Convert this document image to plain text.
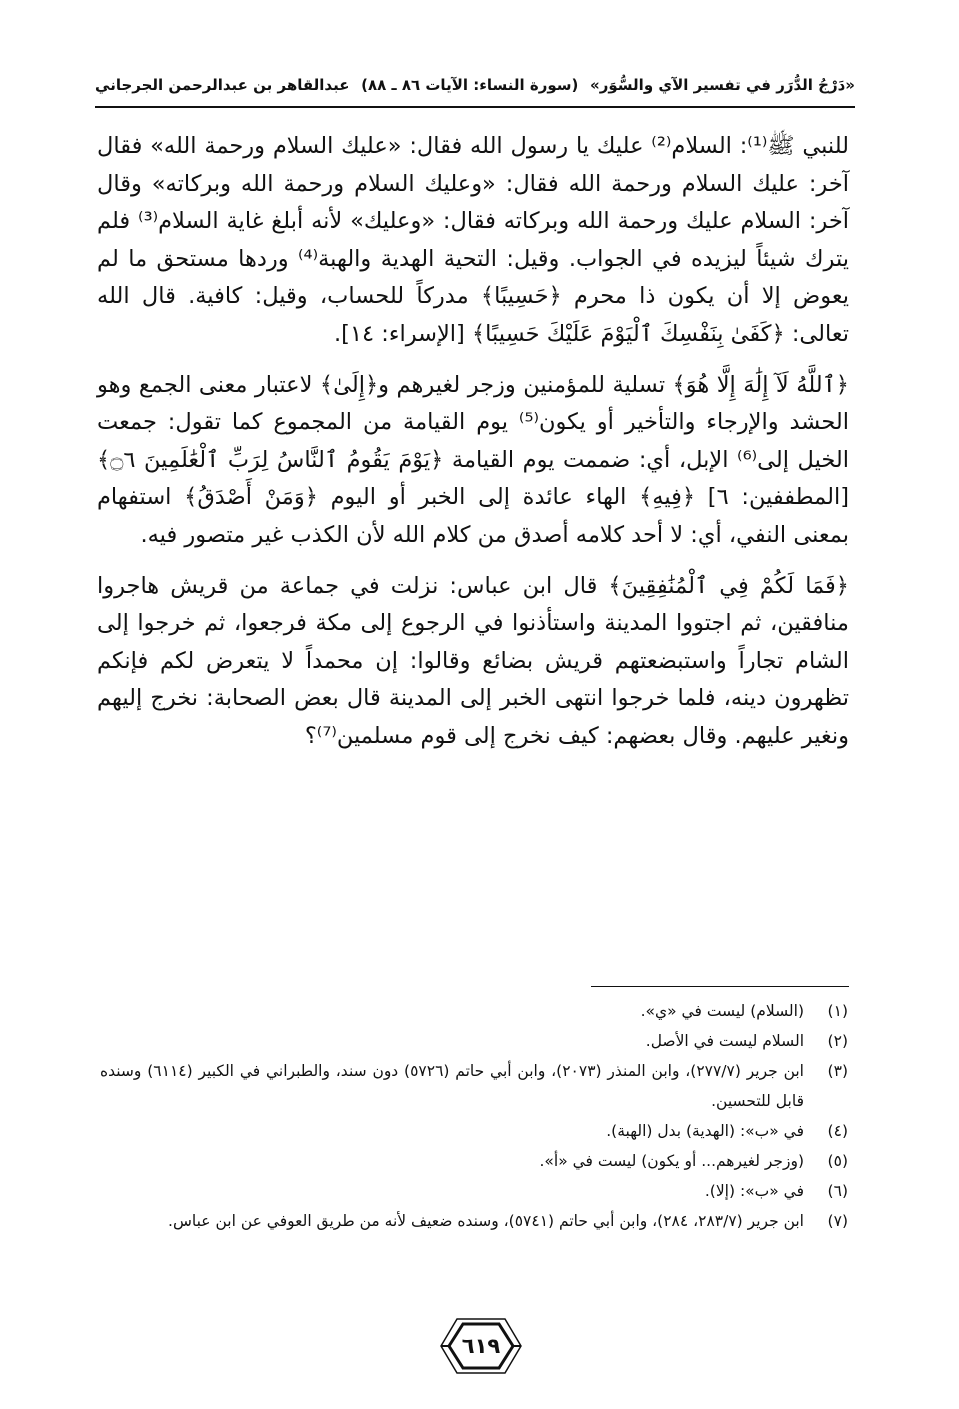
«دَرْجُ الدُّرَر في تفسير الآي والسُّوَر»
(سورة النساء: الآيات ٨٦ ـ ٨٨)
عبدالقاهر بن عبدالرحمن الجرجاني

للنبي ﷺ⁽¹⁾: السلام⁽²⁾ عليك يا رسول الله فقال: «عليك السلام ورحمة الله» فقال آخر: عليك السلام ورحمة الله فقال: «وعليك السلام ورحمة الله وبركاته» وقال آخر: السلام عليك ورحمة الله وبركاته فقال: «وعليك» لأنه أبلغ غاية السلام⁽³⁾ فلم يترك شيئاً ليزيده في الجواب. وقيل: التحية الهدية والهبة⁽⁴⁾ وردها مستحق ما لم يعوض إلا أن يكون ذا محرم ﴿حَسِيبًا﴾ مدركاً للحساب، وقيل: كافية. قال الله تعالى: ﴿كَفَىٰ بِنَفْسِكَ ٱلْيَوْمَ عَلَيْكَ حَسِيبًا﴾ [الإسراء: ١٤].

﴿ٱللَّهُ لَآ إِلَٰهَ إِلَّا هُوَ﴾ تسلية للمؤمنين وزجر لغيرهم و﴿إِلَىٰ﴾ لاعتبار معنى الجمع وهو الحشد والإرجاء والتأخير أو يكون⁽⁵⁾ يوم القيامة من المجموع كما تقول: جمعت الخيل إلى⁽⁶⁾ الإبل، أي: ضممت يوم القيامة ﴿يَوْمَ يَقُومُ ٱلنَّاسُ لِرَبِّ ٱلْعَٰلَمِينَ ۝٦﴾ [المطففين: ٦] ﴿فِيهِ﴾ الهاء عائدة إلى الخبر أو اليوم ﴿وَمَنْ أَصْدَقُ﴾ استفهام بمعنى النفي، أي: لا أحد كلامه أصدق من كلام الله لأن الكذب غير متصور فيه.

﴿فَمَا لَكُمْ فِي ٱلْمُنَٰفِقِينَ﴾ قال ابن عباس: نزلت في جماعة من قريش هاجروا منافقين، ثم اجتووا المدينة واستأذنوا في الرجوع إلى مكة فرجعوا، ثم خرجوا إلى الشام تجاراً واستبضعتهم قريش بضائع وقالوا: إن محمداً لا يتعرض لكم فإنكم تظهرون دينه، فلما خرجوا انتهى الخبر إلى المدينة قال بعض الصحابة: نخرج إليهم ونغير عليهم. وقال بعضهم: كيف نخرج إلى قوم مسلمين⁽⁷⁾؟

(١)
(السلام) ليست في «ي».
(٢)
السلام ليست في الأصل.
(٣)
ابن جرير (٢٧٧/٧)، وابن المنذر (٢٠٧٣)، وابن أبي حاتم (٥٧٢٦) دون سند، والطبراني في الكبير (٦١١٤) وسنده قابل للتحسين.
(٤)
في «ب»: (الهدية) بدل (الهبة).
(٥)
(وزجر لغيرهم... أو يكون) ليست في «أ».
(٦)
في «ب»: (إلا).
(٧)
ابن جرير (٢٨٣/٧، ٢٨٤)، وابن أبي حاتم (٥٧٤١)، وسنده ضعيف لأنه من طريق العوفي عن ابن عباس.
٦١٩
